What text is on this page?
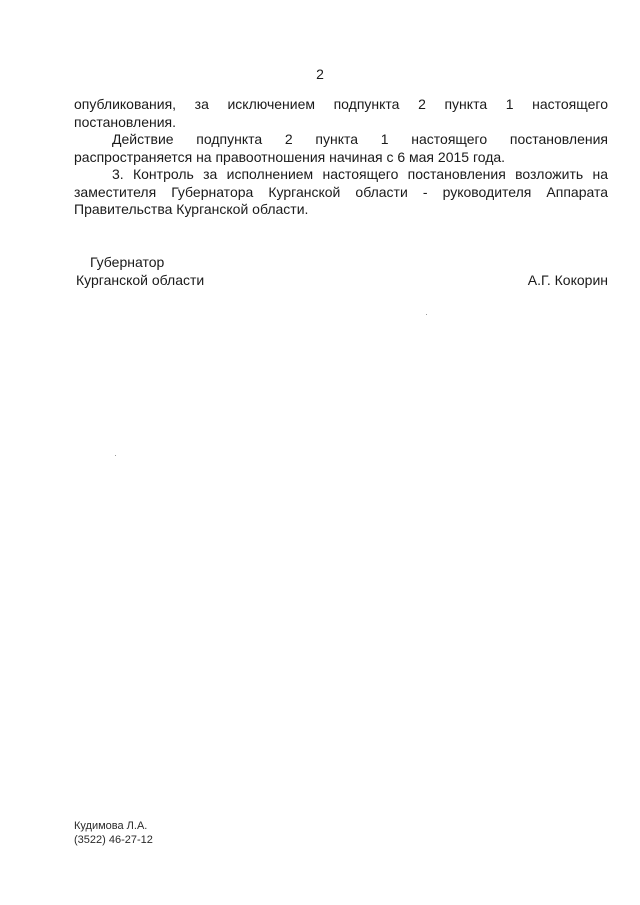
2

опубликования, за исключением подпункта 2 пункта 1 настоящего
постановления.

Действие подпункта 2 пункта 1 настоящего постановления

распространяется на правоотношения начиная с 6 мая 2015 года.

3. Контроль за исполнением настоящего постановления возложить на

заместителя Губернатора Курганской области - руководителя Аппарата
Правительства Курганской области.

Губернатор
Курганской области	А.Г. Кокорин
Кудимова Л.А.
(3522) 46-27-12
